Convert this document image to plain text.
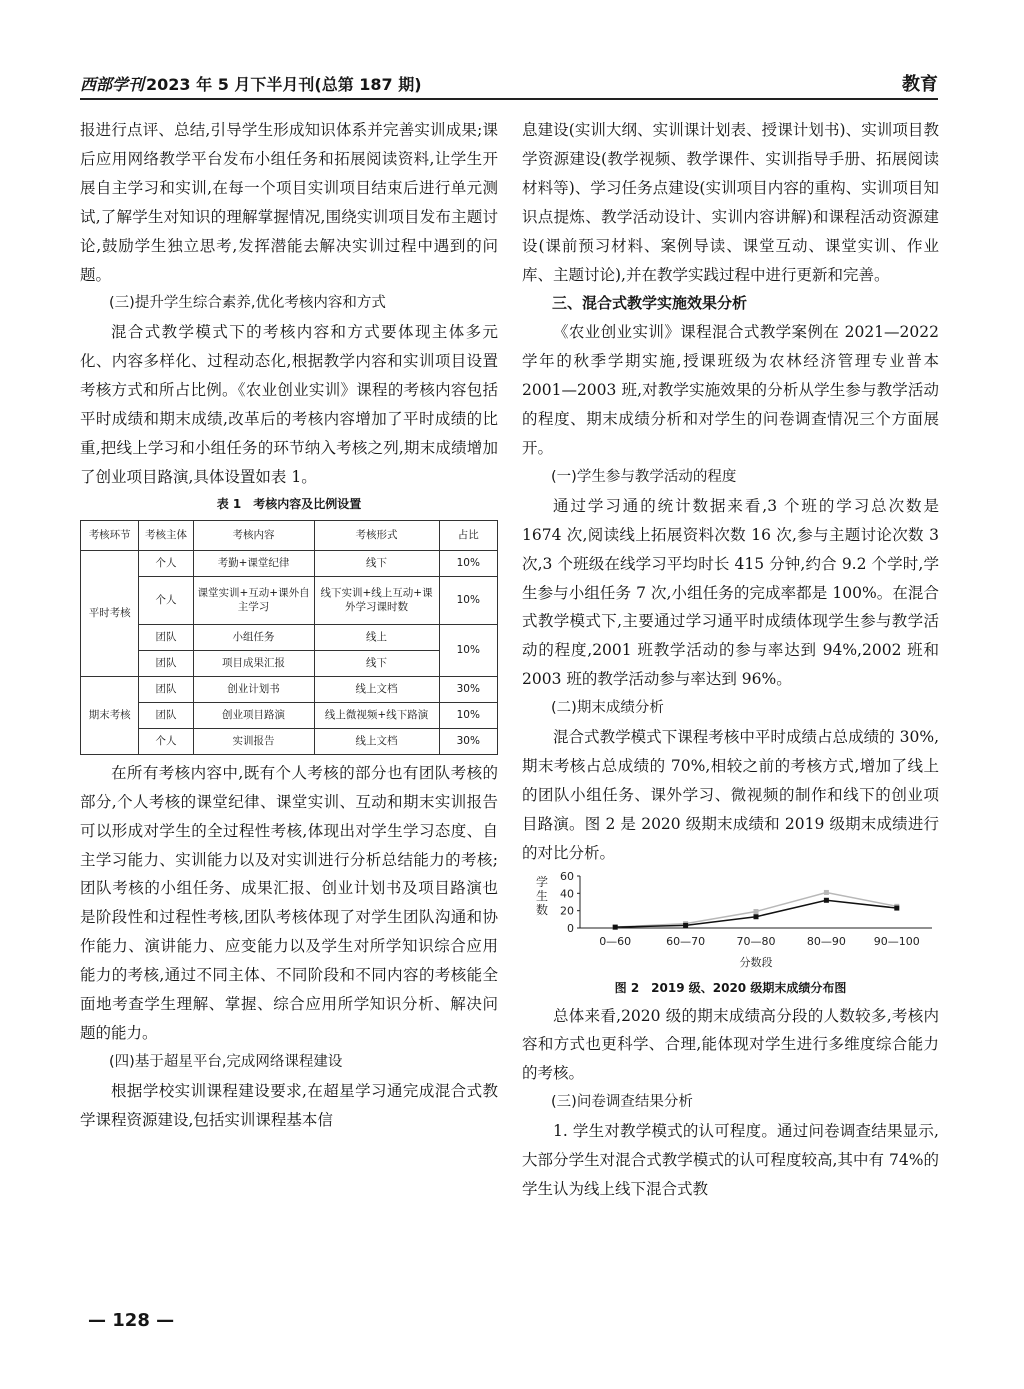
西部学刊 2023 年 5 月下半月刊(总第 187 期)	教育

报进行点评、总结,引导学生形成知识体系并完善实训成果;课后应用网络教学平台发布小组任务和拓展阅读资料,让学生开展自主学习和实训,在每一个项目实训项目结束后进行单元测试,了解学生对知识的理解掌握情况,围绕实训项目发布主题讨论,鼓励学生独立思考,发挥潜能去解决实训过程中遇到的问题。

(三)提升学生综合素养,优化考核内容和方式

混合式教学模式下的考核内容和方式要体现主体多元化、内容多样化、过程动态化,根据教学内容和实训项目设置考核方式和所占比例。《农业创业实训》课程的考核内容包括平时成绩和期末成绩,改革后的考核内容增加了平时成绩的比重,把线上学习和小组任务的环节纳入考核之列,期末成绩增加了创业项目路演,具体设置如表 1。

表 1　考核内容及比例设置
考核环节	考核主体	考核内容	考核形式	占比
平时考核	个人	考勤+课堂纪律	线下	10%
	个人	课堂实训+互动+课外自主学习	线下实训+线上互动+课外学习课时数	10%
	团队	小组任务	线上	10%
	团队	项目成果汇报	线下	
期末考核	团队	创业计划书	线上文档	30%
	团队	创业项目路演	线上微视频+线下路演	10%
	个人	实训报告	线上文档	30%

在所有考核内容中,既有个人考核的部分也有团队考核的部分,个人考核的课堂纪律、课堂实训、互动和期末实训报告可以形成对学生的全过程性考核,体现出对学生学习态度、自主学习能力、实训能力以及对实训进行分析总结能力的考核;团队考核的小组任务、成果汇报、创业计划书及项目路演也是阶段性和过程性考核,团队考核体现了对学生团队沟通和协作能力、演讲能力、应变能力以及学生对所学知识综合应用能力的考核,通过不同主体、不同阶段和不同内容的考核能全面地考查学生理解、掌握、综合应用所学知识分析、解决问题的能力。

(四)基于超星平台,完成网络课程建设

根据学校实训课程建设要求,在超星学习通完成混合式教学课程资源建设,包括实训课程基本信

息建设(实训大纲、实训课计划表、授课计划书)、实训项目教学资源建设(教学视频、教学课件、实训指导手册、拓展阅读材料等)、学习任务点建设(实训项目内容的重构、实训项目知识点提炼、教学活动设计、实训内容讲解)和课程活动资源建设(课前预习材料、案例导读、课堂互动、课堂实训、作业库、主题讨论),并在教学实践过程中进行更新和完善。

三、混合式教学实施效果分析

《农业创业实训》课程混合式教学案例在 2021—2022 学年的秋季学期实施,授课班级为农林经济管理专业普本 2001—2003 班,对教学实施效果的分析从学生参与教学活动的程度、期末成绩分析和对学生的问卷调查情况三个方面展开。

(一)学生参与教学活动的程度

通过学习通的统计数据来看,3 个班的学习总次数是 1674 次,阅读线上拓展资料次数 16 次,参与主题讨论次数 3 次,3 个班级在线学习平均时长 415 分钟,约合 9.2 个学时,学生参与小组任务 7 次,小组任务的完成率都是 100%。在混合式教学模式下,主要通过学习通平时成绩体现学生参与教学活动的程度,2001 班教学活动的参与率达到 94%,2002 班和 2003 班的教学活动参与率达到 96%。

(二)期末成绩分析

混合式教学模式下课程考核中平时成绩占总成绩的 30%,期末考核占总成绩的 70%,相较之前的考核方式,增加了线上的团队小组任务、课外学习、微视频的制作和线下的创业项目路演。图 2 是 2020 级期末成绩和 2019 级期末成绩进行的对比分析。

0
20
40
60
0—60	60—70	70—80	80—90	90—100
学
生
数
分数段
图 2　2019 级、2020 级期末成绩分布图

总体来看,2020 级的期末成绩高分段的人数较多,考核内容和方式也更科学、合理,能体现对学生进行多维度综合能力的考核。

(三)问卷调查结果分析

1. 学生对教学模式的认可程度。通过问卷调查结果显示,大部分学生对混合式教学模式的认可程度较高,其中有 74%的学生认为线上线下混合式教

— 128 —
